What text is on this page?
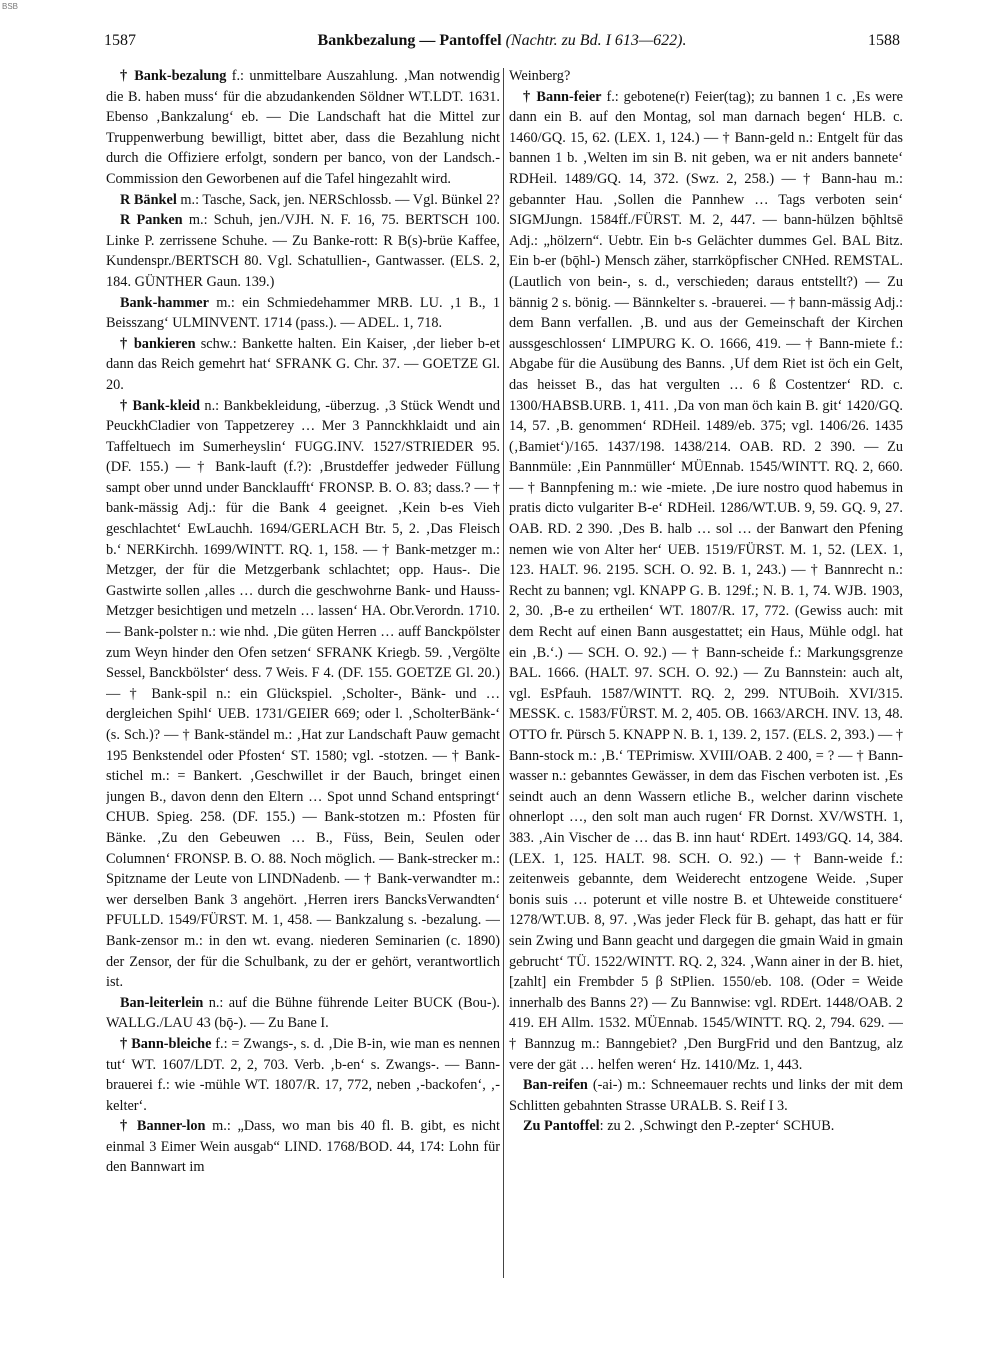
BSB
1587	Bankbezalung — Pantoffel (Nachtr. zu Bd. I 613—622).	1588

† Bank-bezalung f.: unmittelbare Auszahlung. ‚Man notwendig die B. haben muss‘ für die abzudankenden Söldner WT.LDT. 1631. Ebenso ‚Bankzalung‘ eb. — Die Landschaft hat die Mittel zur Truppenwerbung bewilligt, bittet aber, dass die Bezahlung nicht durch die Offiziere erfolgt, sondern per banco, von der Landsch.-Commission den Geworbenen auf die Tafel hingezahlt wird.

R Bänkel m.: Tasche, Sack, jen. NERSchlossb. — Vgl. Bünkel 2?

R Panken m.: Schuh, jen./VJH. N. F. 16, 75. BERTSCH 100. Linke P. zerrissene Schuhe. — Zu Banke-rott: R B(s)-brüe Kaffee, Kundenspr./BERTSCH 80. Vgl. Schatullien-, Gantwasser. (ELS. 2, 184. GÜNTHER Gaun. 139.)

Bank-hammer m.: ein Schmiedehammer MRB. LU. ‚1 B., 1 Beisszang‘ ULMINVENT. 1714 (pass.). — ADEL. 1, 718.

† bankieren schw.: Bankette halten. Ein Kaiser, ‚der lieber b-et dann das Reich gemehrt hat‘ SFRANK G. Chr. 37. — GOETZE Gl. 20.

† Bank-kleid n.: Bankbekleidung, -überzug. ‚3 Stück Wendt und PeuckhCladier von Tappetzerey … Mer 3 Pannckhklaidt und ain Taffeltuech im Sumerheyslin‘ FUGG.INV. 1527/STRIEDER 95. (DF. 155.) — † Bank-lauft (f.?): ‚Brustdeffer jedweder Füllung sampt ober unnd under Bancklaufft‘ FRONSP. B. O. 83; dass.? — † bank-mässig Adj.: für die Bank 4 geeignet. ‚Kein b-es Vieh geschlachtet‘ EwLauchh. 1694/GERLACH Btr. 5, 2. ‚Das Fleisch b.‘ NERKirchh. 1699/WINTT. RQ. 1, 158. — † Bank-metzger m.: Metzger, der für die Metzgerbank schlachtet; opp. Haus-. Die Gastwirte sollen ‚alles … durch die geschwohrne Bank- und Hauss-Metzger besichtigen und metzeln … lassen‘ HA. Obr.Verordn. 1710. — Bank-polster n.: wie nhd. ‚Die güten Herren … auff Banckpölster zum Weyn hinder den Ofen setzen‘ SFRANK Kriegb. 59. ‚Vergölte Sessel, Banckbölster‘ dess. 7 Weis. F 4. (DF. 155. GOETZE Gl. 20.) — † Bank-spil n.: ein Glückspiel. ‚Scholter-, Bänk- und … dergleichen Spihl‘ UEB. 1731/GEIER 669; oder l. ‚ScholterBänk-‘ (s. Sch.)? — † Bank-ständel m.: ‚Hat zur Landschaft Pauw gemacht 195 Benkstendel oder Pfosten‘ ST. 1580; vgl. -stotzen. — † Bank-stichel m.: = Bankert. ‚Geschwillet ir der Bauch, bringet einen jungen B., davon denn den Eltern … Spot unnd Schand entspringt‘ CHUB. Spieg. 258. (DF. 155.) — Bank-stotzen m.: Pfosten für Bänke. ‚Zu den Gebeuwen … B., Füss, Bein, Seulen oder Columnen‘ FRONSP. B. O. 88. Noch möglich. — Bank-strecker m.: Spitzname der Leute von LINDNadenb. — † Bank-verwandter m.: wer derselben Bank 3 angehört. ‚Herren irers BancksVerwandten‘ PFULLD. 1549/FÜRST. M. 1, 458. — Bankzalung s. -bezalung. — Bank-zensor m.: in den wt. evang. niederen Seminarien (c. 1890) der Zensor, der für die Schulbank, zu der er gehört, verantwortlich ist.

Ban-leiterlein n.: auf die Bühne führende Leiter BUCK (Bou-). WALLG./LAU 43 (bǭ-). — Zu Bane I.

† Bann-bleiche f.: = Zwangs-, s. d. ‚Die B-in, wie man es nennen tut‘ WT. 1607/LDT. 2, 2, 703. Verb. ‚b-en‘ s. Zwangs-. — Bann-brauerei f.: wie -mühle WT. 1807/R. 17, 772, neben ‚-backofen‘, ‚-kelter‘.

† Banner-lon m.: „Dass, wo man bis 40 fl. B. gibt, es nicht einmal 3 Eimer Wein ausgab“ LIND. 1768/BOD. 44, 174: Lohn für den Bannwart im

Weinberg?

† Bann-feier f.: gebotene(r) Feier(tag); zu bannen 1 c. ‚Es were dann ein B. auf den Montag, sol man darnach begen‘ HLB. c. 1460/GQ. 15, 62. (LEX. 1, 124.) — † Bann-geld n.: Entgelt für das bannen 1 b. ‚Welten im sin B. nit geben, wa er nit anders bannete‘ RDHeil. 1489/GQ. 14, 372. (Swz. 2, 258.) — † Bann-hau m.: gebannter Hau. ‚Sollen die Pannhew … Tags verboten sein‘ SIGMJungn. 1584ff./FÜRST. M. 2, 447. — bann-hülzen bǭhltsē Adj.: „hölzern“. Uebtr. Ein b-s Gelächter dummes Gel. BAL Bitz. Ein b-er (bǭhl-) Mensch zäher, starrköpfischer CNHed. REMSTAL. (Lautlich von bein-, s. d., verschieden; daraus entstellt?) — Zu bännig 2 s. bönig. — Bännkelter s. -brauerei. — † bann-mässig Adj.: dem Bann verfallen. ‚B. und aus der Gemeinschaft der Kirchen aussgeschlossen‘ LIMPURG K. O. 1666, 419. — † Bann-miete f.: Abgabe für die Ausübung des Banns. ‚Uf dem Riet ist öch ein Gelt, das heisset B., das hat vergulten … 6 ß Costentzer‘ RD. c. 1300/HABSB.URB. 1, 411. ‚Da von man öch kain B. git‘ 1420/GQ. 14, 57. ‚B. genommen‘ RDHeil. 1489/eb. 375; vgl. 1406/26. 1435 (‚Bamiet‘)/165. 1437/198. 1438/214. OAB. RD. 2 390. — Zu Bannmüle: ‚Ein Pannmüller‘ MÜEnnab. 1545/WINTT. RQ. 2, 660. — † Bannpfening m.: wie -miete. ‚De iure nostro quod habemus in pratis dicto vulgariter B-e‘ RDHeil. 1286/WT.UB. 9, 59. GQ. 9, 27. OAB. RD. 2 390. ‚Des B. halb … sol … der Banwart den Pfening nemen wie von Alter her‘ UEB. 1519/FÜRST. M. 1, 52. (LEX. 1, 123. HALT. 96. 2195. SCH. O. 92. B. 1, 243.) — † Bannrecht n.: Recht zu bannen; vgl. KNAPP G. B. 129f.; N. B. 1, 74. WJB. 1903, 2, 30. ‚B-e zu ertheilen‘ WT. 1807/R. 17, 772. (Gewiss auch: mit dem Recht auf einen Bann ausgestattet; ein Haus, Mühle odgl. hat ein ‚B.‘.) — SCH. O. 92.) — † Bann-scheide f.: Markungsgrenze BAL. 1666. (HALT. 97. SCH. O. 92.) — Zu Bannstein: auch alt, vgl. EsPfauh. 1587/WINTT. RQ. 2, 299. NTUBoih. XVI/315. MESSK. c. 1583/FÜRST. M. 2, 405. OB. 1663/ARCH. INV. 13, 48. OTTO fr. Pürsch 5. KNAPP N. B. 1, 139. 2, 157. (ELS. 2, 393.) — † Bann-stock m.: ‚B.‘ TEPrimisw. XVIII/OAB. 2 400, = ? — † Bann-wasser n.: gebanntes Gewässer, in dem das Fischen verboten ist. ‚Es seindt auch an denn Wassern etliche B., welcher darinn vischete ohnerlopt …, den solt man auch rugen‘ FR Dornst. XV/WSTH. 1, 383. ‚Ain Vischer de … das B. inn haut‘ RDErt. 1493/GQ. 14, 384. (LEX. 1, 125. HALT. 98. SCH. O. 92.) — † Bann-weide f.: zeitenweis gebannte, dem Weiderecht entzogene Weide. ‚Super bonis suis … poterunt et ville nostre B. et Uhteweide constituere‘ 1278/WT.UB. 8, 97. ‚Was jeder Fleck für B. gehapt, das hatt er für sein Zwing und Bann geacht und dargegen die gmain Waid in gmain gebrucht‘ TÜ. 1522/WINTT. RQ. 2, 324. ‚Wann ainer in der B. hiet, [zahlt] ein Frembder 5 β StPlien. 1550/eb. 108. (Oder = Weide innerhalb des Banns 2?) — Zu Bannwise: vgl. RDErt. 1448/OAB. 2 419. EH Allm. 1532. MÜEnnab. 1545/WINTT. RQ. 2, 794. 629. — † Bannzug m.: Banngebiet? ‚Den BurgFrid und den Bantzug, alz vere der gät … helfen weren‘ Hz. 1410/Mz. 1, 443.

Ban-reifen (-ai-) m.: Schneemauer rechts und links der mit dem Schlitten gebahnten Strasse URALB. S. Reif I 3.

Zu Pantoffel: zu 2. ‚Schwingt den P.-zepter‘ SCHUB.
